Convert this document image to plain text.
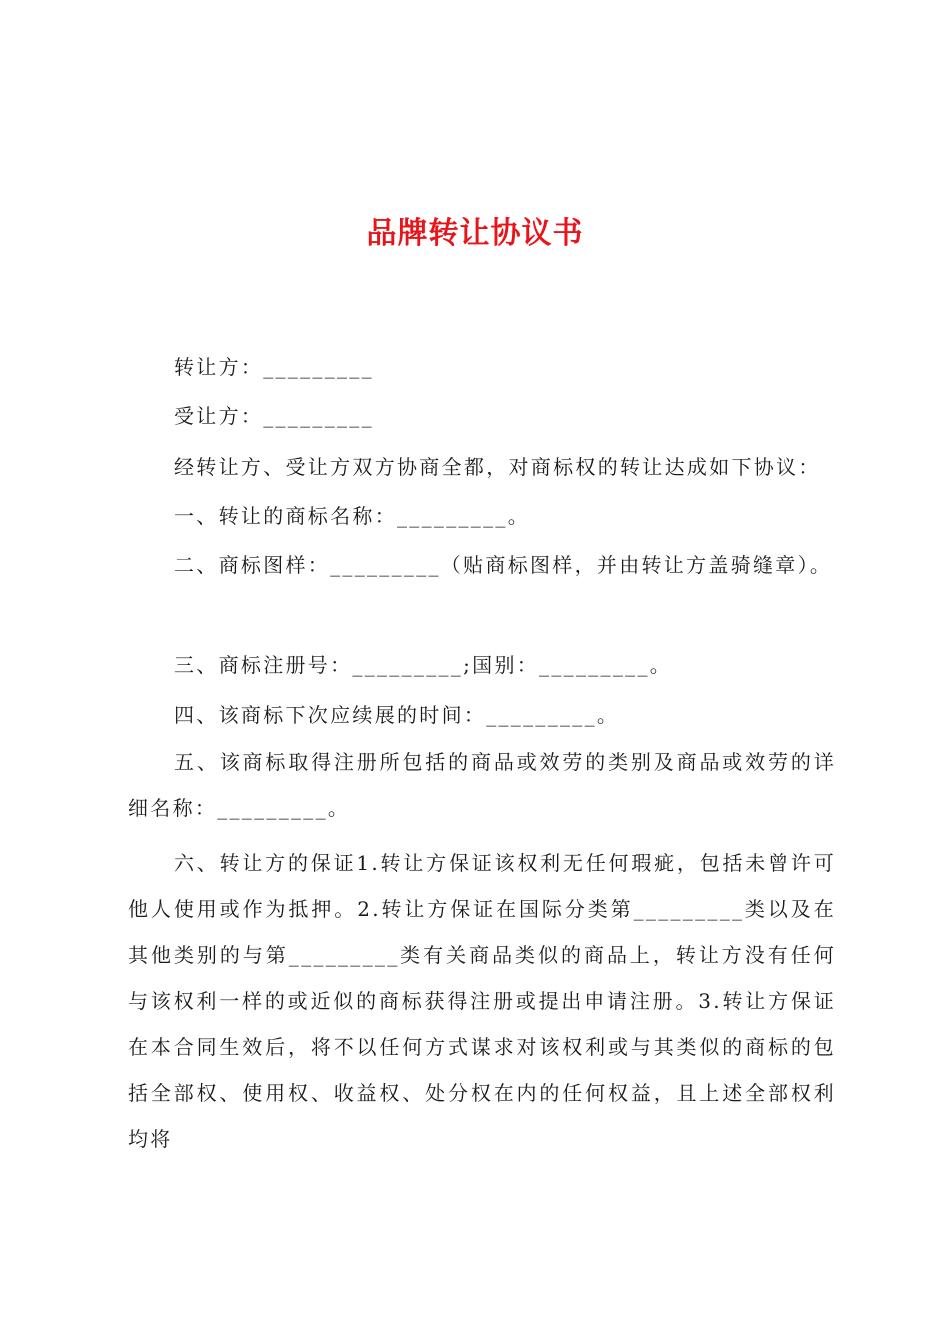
品牌转让协议书
转让方：_________
受让方：_________
经转让方、受让方双方协商全都，对商标权的转让达成如下协议：
一、转让的商标名称：_________。
二、商标图样：_________（贴商标图样，并由转让方盖骑缝章）。
三、商标注册号：_________;国别：_________。
四、该商标下次应续展的时间：_________。
五、该商标取得注册所包括的商品或效劳的类别及商品或效劳的详细名称：_________。
六、转让方的保证1.转让方保证该权利无任何瑕疵，包括未曾许可他人使用或作为抵押。2.转让方保证在国际分类第_________类以及在其他类别的与第_________类有关商品类似的商品上，转让方没有任何与该权利一样的或近似的商标获得注册或提出申请注册。3.转让方保证在本合同生效后，将不以任何方式谋求对该权利或与其类似的商标的包括全部权、使用权、收益权、处分权在内的任何权益，且上述全部权利均将
